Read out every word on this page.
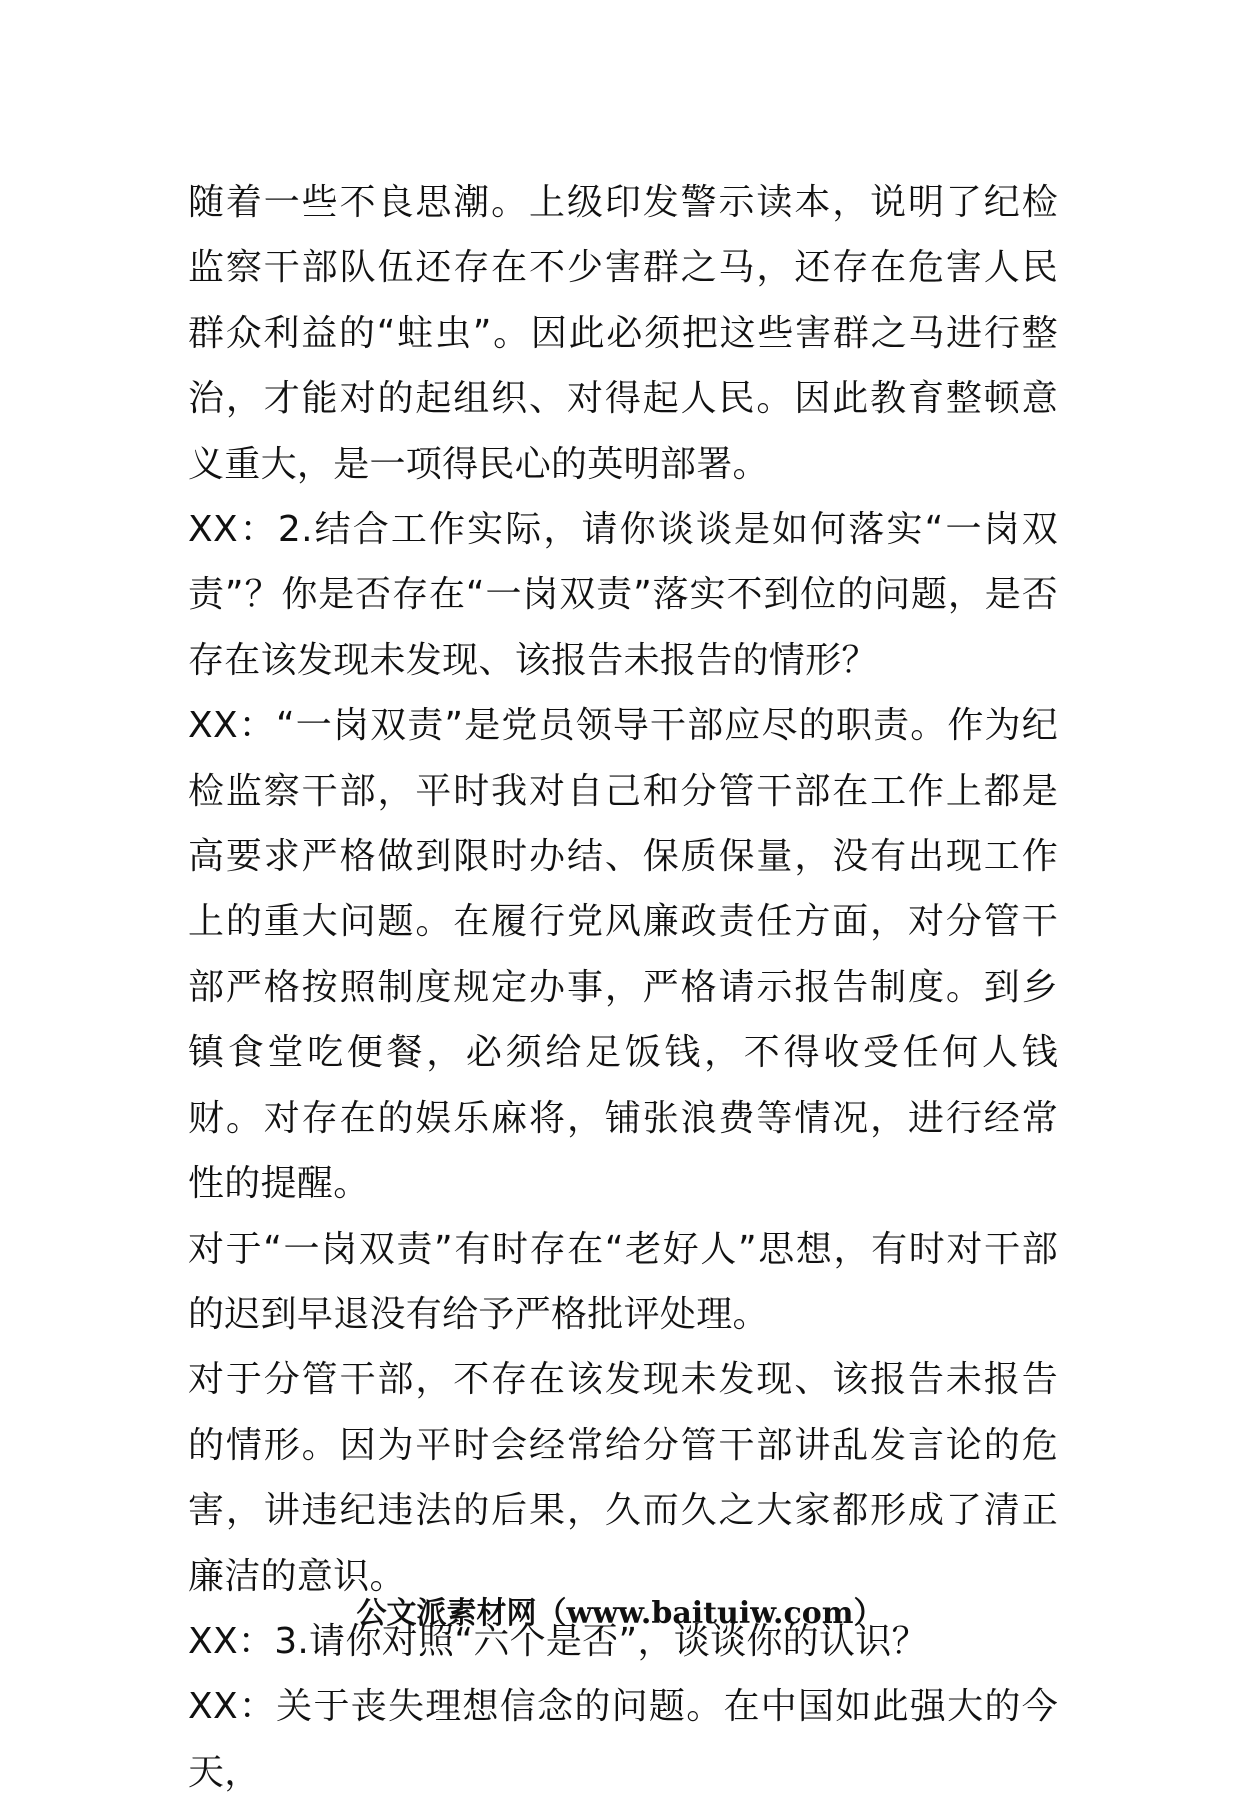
随着一些不良思潮。上级印发警示读本，说明了纪检监察干部队伍还存在不少害群之马，还存在危害人民群众利益的“蛀虫”。因此必须把这些害群之马进行整治，才能对的起组织、对得起人民。因此教育整顿意义重大，是一项得民心的英明部署。

XX：2.结合工作实际，请你谈谈是如何落实“一岗双责”？你是否存在“一岗双责”落实不到位的问题，是否存在该发现未发现、该报告未报告的情形？

XX：“一岗双责”是党员领导干部应尽的职责。作为纪检监察干部，平时我对自己和分管干部在工作上都是高要求严格做到限时办结、保质保量，没有出现工作上的重大问题。在履行党风廉政责任方面，对分管干部严格按照制度规定办事，严格请示报告制度。到乡镇食堂吃便餐，必须给足饭钱，不得收受任何人钱财。对存在的娱乐麻将，铺张浪费等情况，进行经常性的提醒。

对于“一岗双责”有时存在“老好人”思想，有时对干部的迟到早退没有给予严格批评处理。

对于分管干部，不存在该发现未发现、该报告未报告的情形。因为平时会经常给分管干部讲乱发言论的危害，讲违纪违法的后果，久而久之大家都形成了清正廉洁的意识。

XX：3.请你对照“六个是否”，谈谈你的认识？

XX：关于丧失理想信念的问题。在中国如此强大的今天，

公文派素材网（www.baituiw.com）
